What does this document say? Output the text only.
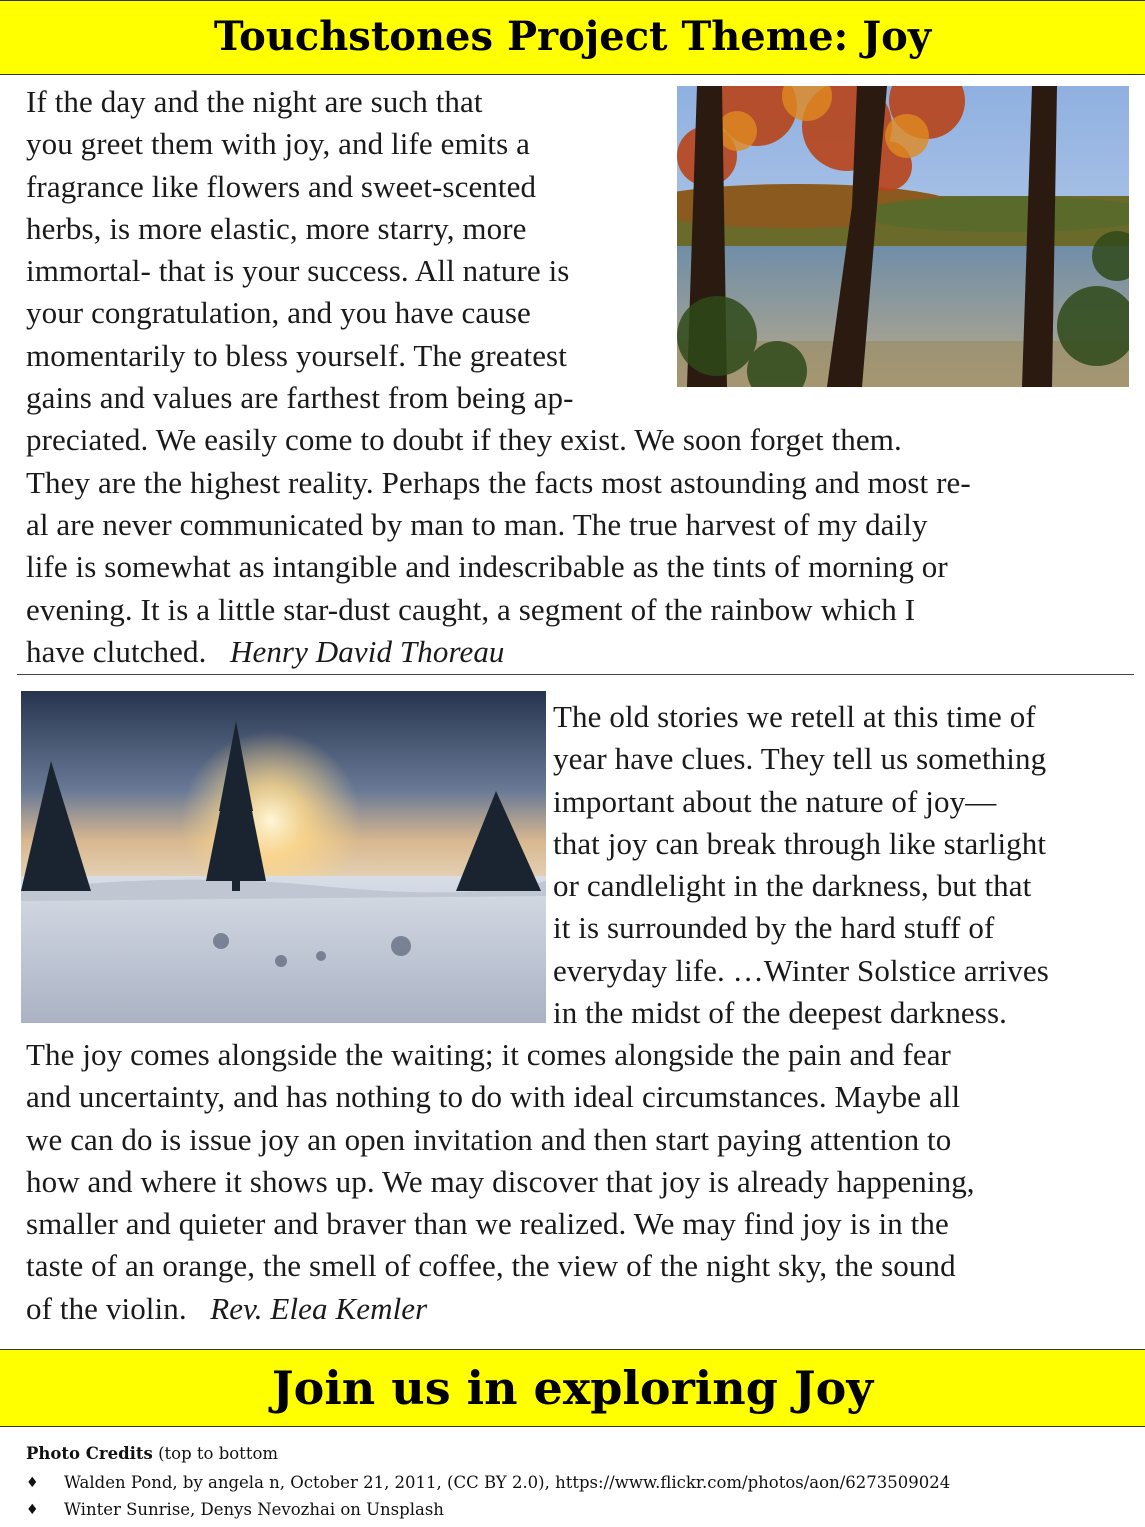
Touchstones Project Theme: Joy
If the day and the night are such that
you greet them with joy, and life emits a
fragrance like flowers and sweet-scented
herbs, is more elastic, more starry, more
immortal- that is your success. All nature is
your congratulation, and you have cause
momentarily to bless yourself. The greatest
gains and values are farthest from being ap-
preciated. We easily come to doubt if they exist. We soon forget them.
They are the highest reality. Perhaps the facts most astounding and most re-
al are never communicated by man to man. The true harvest of my daily
life is somewhat as intangible and indescribable as the tints of morning or
evening. It is a little star-dust caught, a segment of the rainbow which I
have clutched. Henry David Thoreau
The old stories we retell at this time of
year have clues. They tell us something
important about the nature of joy—
that joy can break through like starlight
or candlelight in the darkness, but that
it is surrounded by the hard stuff of
everyday life. …Winter Solstice arrives
in the midst of the deepest darkness.
The joy comes alongside the waiting; it comes alongside the pain and fear
and uncertainty, and has nothing to do with ideal circumstances. Maybe all
we can do is issue joy an open invitation and then start paying attention to
how and where it shows up. We may discover that joy is already happening,
smaller and quieter and braver than we realized. We may find joy is in the
taste of an orange, the smell of coffee, the view of the night sky, the sound
of the violin. Rev. Elea Kemler
Join us in exploring Joy
Photo Credits (top to bottom
♦	Walden Pond, by angela n, October 21, 2011, (CC BY 2.0), https://www.flickr.com/photos/aon/6273509024
♦	Winter Sunrise, Denys Nevozhai on Unsplash
